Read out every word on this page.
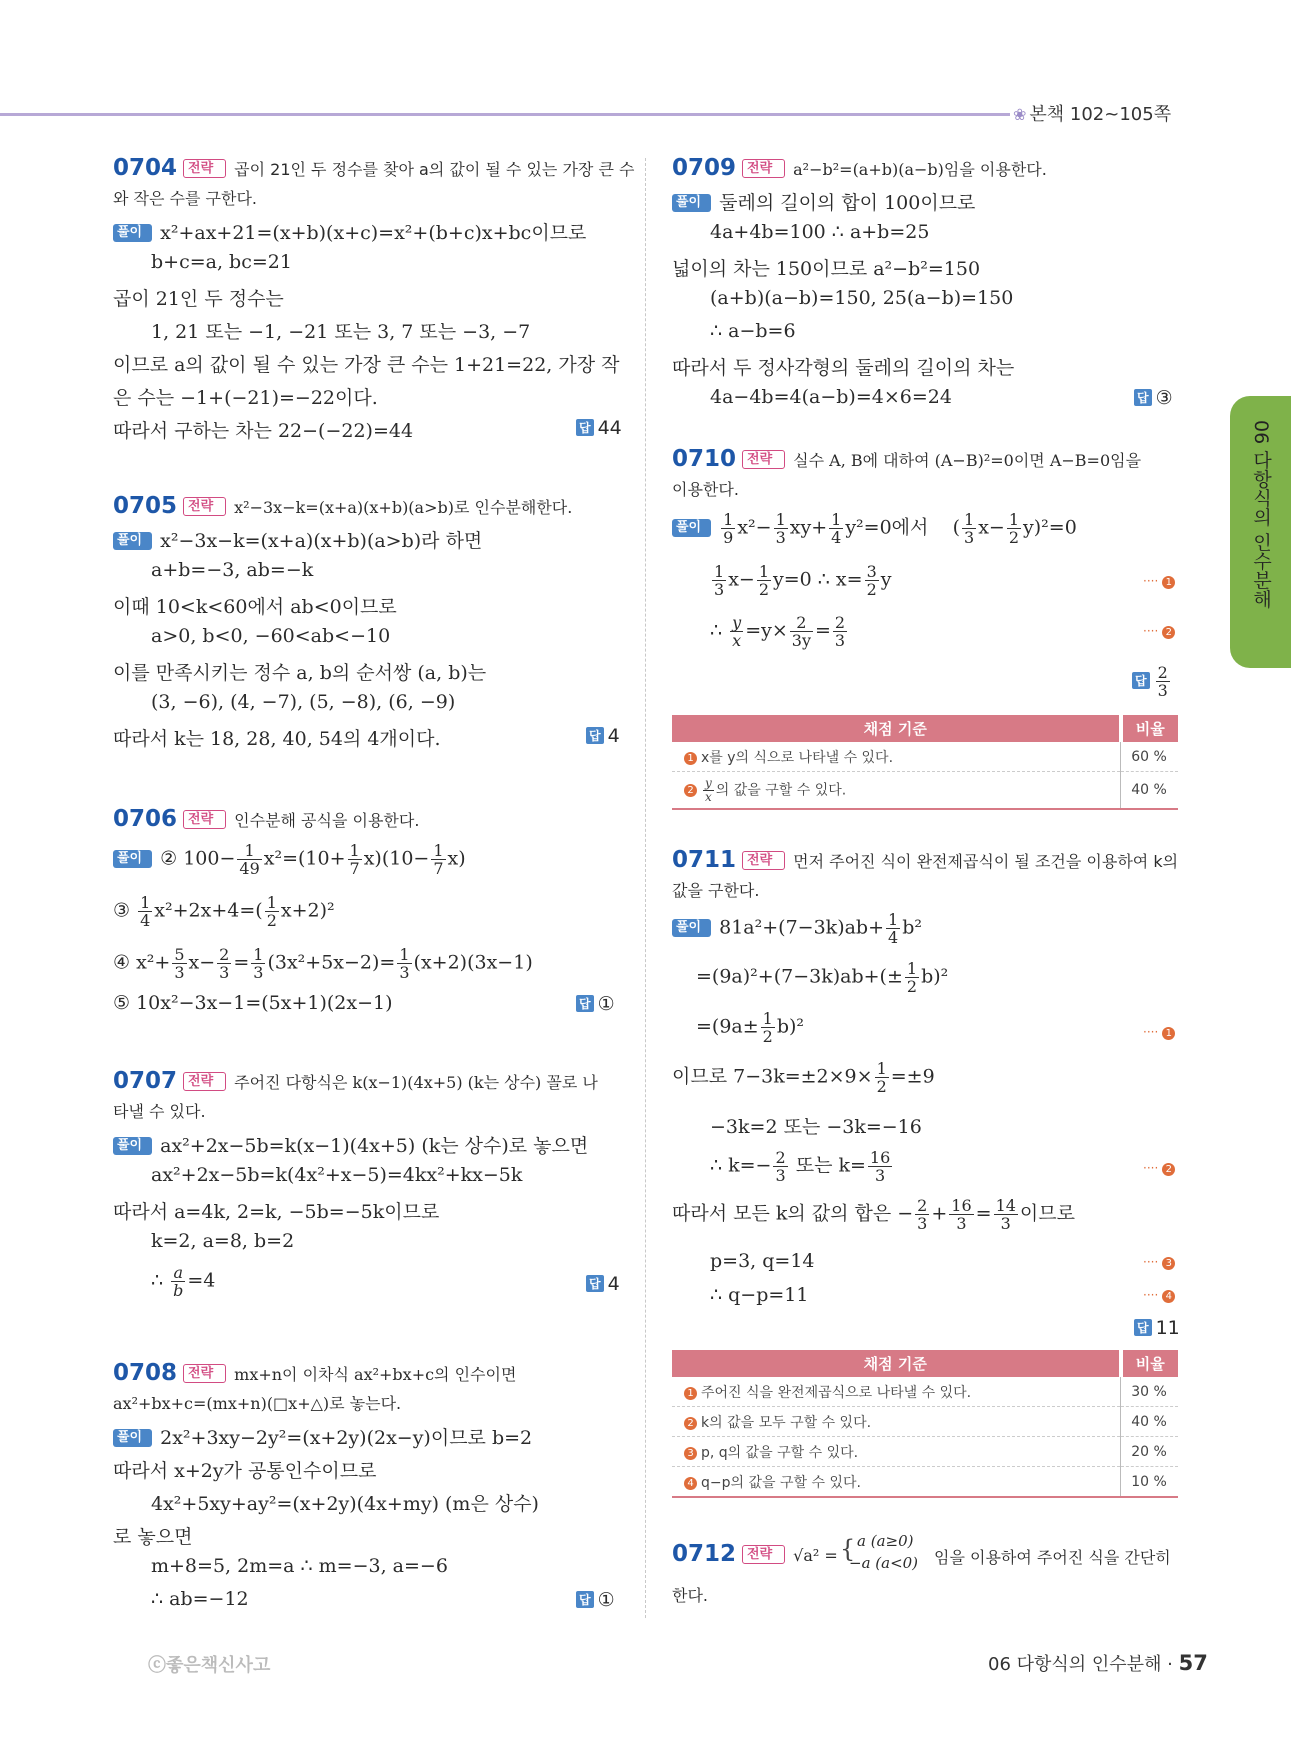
❀ 본책 102~105쪽
06 다항식의 인수분해
0704 전략 곱이 21인 두 정수를 찾아 a의 값이 될 수 있는 가장 큰 수
와 작은 수를 구한다.
풀이 x²+ax+21=(x+b)(x+c)=x²+(b+c)x+bc이므로
b+c=a, bc=21
곱이 21인 두 정수는
1, 21 또는 −1, −21 또는 3, 7 또는 −3, −7
이므로 a의 값이 될 수 있는 가장 큰 수는 1+21=22, 가장 작
은 수는 −1+(−21)=−22이다.
따라서 구하는 차는 22−(−22)=44	답 44
0705 전략 x²−3x−k=(x+a)(x+b)(a>b)로 인수분해한다.
풀이 x²−3x−k=(x+a)(x+b)(a>b)라 하면
a+b=−3, ab=−k
이때 10<k<60에서 ab<0이므로
a>0, b<0, −60<ab<−10
이를 만족시키는 정수 a, b의 순서쌍 (a, b)는
(3, −6), (4, −7), (5, −8), (6, −9)
따라서 k는 18, 28, 40, 54의 4개이다.	답 4
0706 전략 인수분해 공식을 이용한다.
풀이 ② $100- \frac{1}{49} x^2=(10+ \frac{1}{7} x)(10- \frac{1}{7} x)$
③ $\frac{1}{4} x^2+2x+4=( \frac{1}{2} x+2)^2$
④ $x^2+ \frac{5}{3} x- \frac{2}{3} = \frac{1}{3} (3x^2+5x-2)= \frac{1}{3} (x+2)(3x-1)$
⑤ 10x²−3x−1=(5x+1)(2x−1)	답 ①
0707 전략 주어진 다항식은 k(x−1)(4x+5) (k는 상수) 꼴로 나
타낼 수 있다.
풀이 ax²+2x−5b=k(x−1)(4x+5) (k는 상수)로 놓으면
ax²+2x−5b=k(4x²+x−5)=4kx²+kx−5k
따라서 a=4k, 2=k, −5b=−5k이므로
k=2, a=8, b=2
∴ $\frac{a}{b} =4$	답 4
0708 전략 mx+n이 이차식 ax²+bx+c의 인수이면
ax²+bx+c=(mx+n)(□x+△)로 놓는다.
풀이 2x²+3xy−2y²=(x+2y)(2x−y)이므로 b=2
따라서 x+2y가 공통인수이므로
4x²+5xy+ay²=(x+2y)(4x+my) (m은 상수)
로 놓으면
m+8=5, 2m=a ∴ m=−3, a=−6
∴ ab=−12	답 ①
0709 전략 a²−b²=(a+b)(a−b)임을 이용한다.
풀이 둘레의 길이의 합이 100이므로
4a+4b=100 ∴ a+b=25
넓이의 차는 150이므로 a²−b²=150
(a+b)(a−b)=150, 25(a−b)=150
∴ a−b=6
따라서 두 정사각형의 둘레의 길이의 차는
4a−4b=4(a−b)=4×6=24	답 ③
0710 전략 실수 A, B에 대하여 (A−B)²=0이면 A−B=0임을
이용한다.
풀이 $\frac{1}{9} x^2- \frac{1}{3} xy+ \frac{1}{4} y^2=0$에서 ( $\frac{1}{3} x- \frac{1}{2} y)^2=0$
$\frac{1}{3} x- \frac{1}{2} y=0$ ∴ $x= \frac{3}{2}$ y	···· 1
∴ $\frac{y}{x} =y\times \frac{2}{3y} = \frac{2}{3}$	···· 2
답 $\frac{2}{3}$
채점 기준	비율
1 x를 y의 식으로 나타낼 수 있다.	60 %
$2 \frac{y}{x}$ 의 값을 구할 수 있다.	40 %
0711 전략 먼저 주어진 식이 완전제곱식이 될 조건을 이용하여 k의
값을 구한다.
풀이 $81a^2+(7-3k)ab+ \frac{1}{4} b^2$
$=(9a)^2+(7-3k)ab+(\pm \frac{1}{2} b)^2$
$=(9a\pm \frac{1}{2} b)^2$	···· 1
이므로 $7-3k=\pm 2\times 9\times \frac{1}{2} =\pm 9$
−3k=2 또는 −3k=−16
∴ $k=- \frac{2}{3}$ 또는 $k= \frac{16}{3}$	···· 2
따라서 모든 k의 값의 합은 − $\frac{2}{3} + \frac{16}{3} = \frac{14}{3}$ 이므로
p=3, q=14	···· 3
∴ q−p=11	···· 4
답 11
채점 기준	비율
1 주어진 식을 완전제곱식으로 나타낼 수 있다.	30 %
2 k의 값을 모두 구할 수 있다.	40 %
3 p, q의 값을 구할 수 있다.	20 %
4 q−p의 값을 구할 수 있다.	10 %
0712 전략 √a² = { a (a≥0)
−a (a<0) 임을 이용하여 주어진 식을 간단히
한다.
ⓒ좋은책신사고	06 다항식의 인수분해 · 57
